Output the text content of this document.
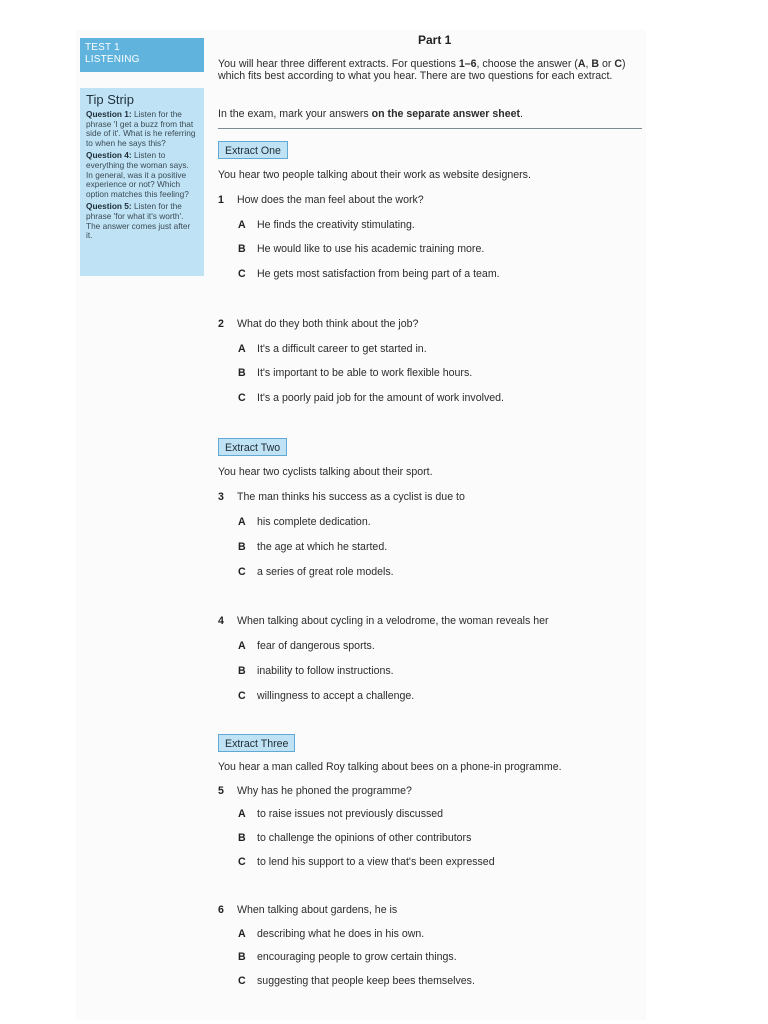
TEST 1
LISTENING
Tip Strip
Question 1: Listen for the phrase 'I get a buzz from that side of it'. What is he referring to when he says this?
Question 4: Listen to everything the woman says. In general, was it a positive experience or not? Which option matches this feeling?
Question 5: Listen for the phrase 'for what it's worth'. The answer comes just after it.
Part 1
You will hear three different extracts. For questions 1–6, choose the answer (A, B or C) which fits best according to what you hear. There are two questions for each extract.
In the exam, mark your answers on the separate answer sheet.
Extract One
You hear two people talking about their work as website designers.
1 How does the man feel about the work?
A He finds the creativity stimulating.
B He would like to use his academic training more.
C He gets most satisfaction from being part of a team.
2 What do they both think about the job?
A It's a difficult career to get started in.
B It's important to be able to work flexible hours.
C It's a poorly paid job for the amount of work involved.
Extract Two
You hear two cyclists talking about their sport.
3 The man thinks his success as a cyclist is due to
A his complete dedication.
B the age at which he started.
C a series of great role models.
4 When talking about cycling in a velodrome, the woman reveals her
A fear of dangerous sports.
B inability to follow instructions.
C willingness to accept a challenge.
Extract Three
You hear a man called Roy talking about bees on a phone-in programme.
5 Why has he phoned the programme?
A to raise issues not previously discussed
B to challenge the opinions of other contributors
C to lend his support to a view that's been expressed
6 When talking about gardens, he is
A describing what he does in his own.
B encouraging people to grow certain things.
C suggesting that people keep bees themselves.
